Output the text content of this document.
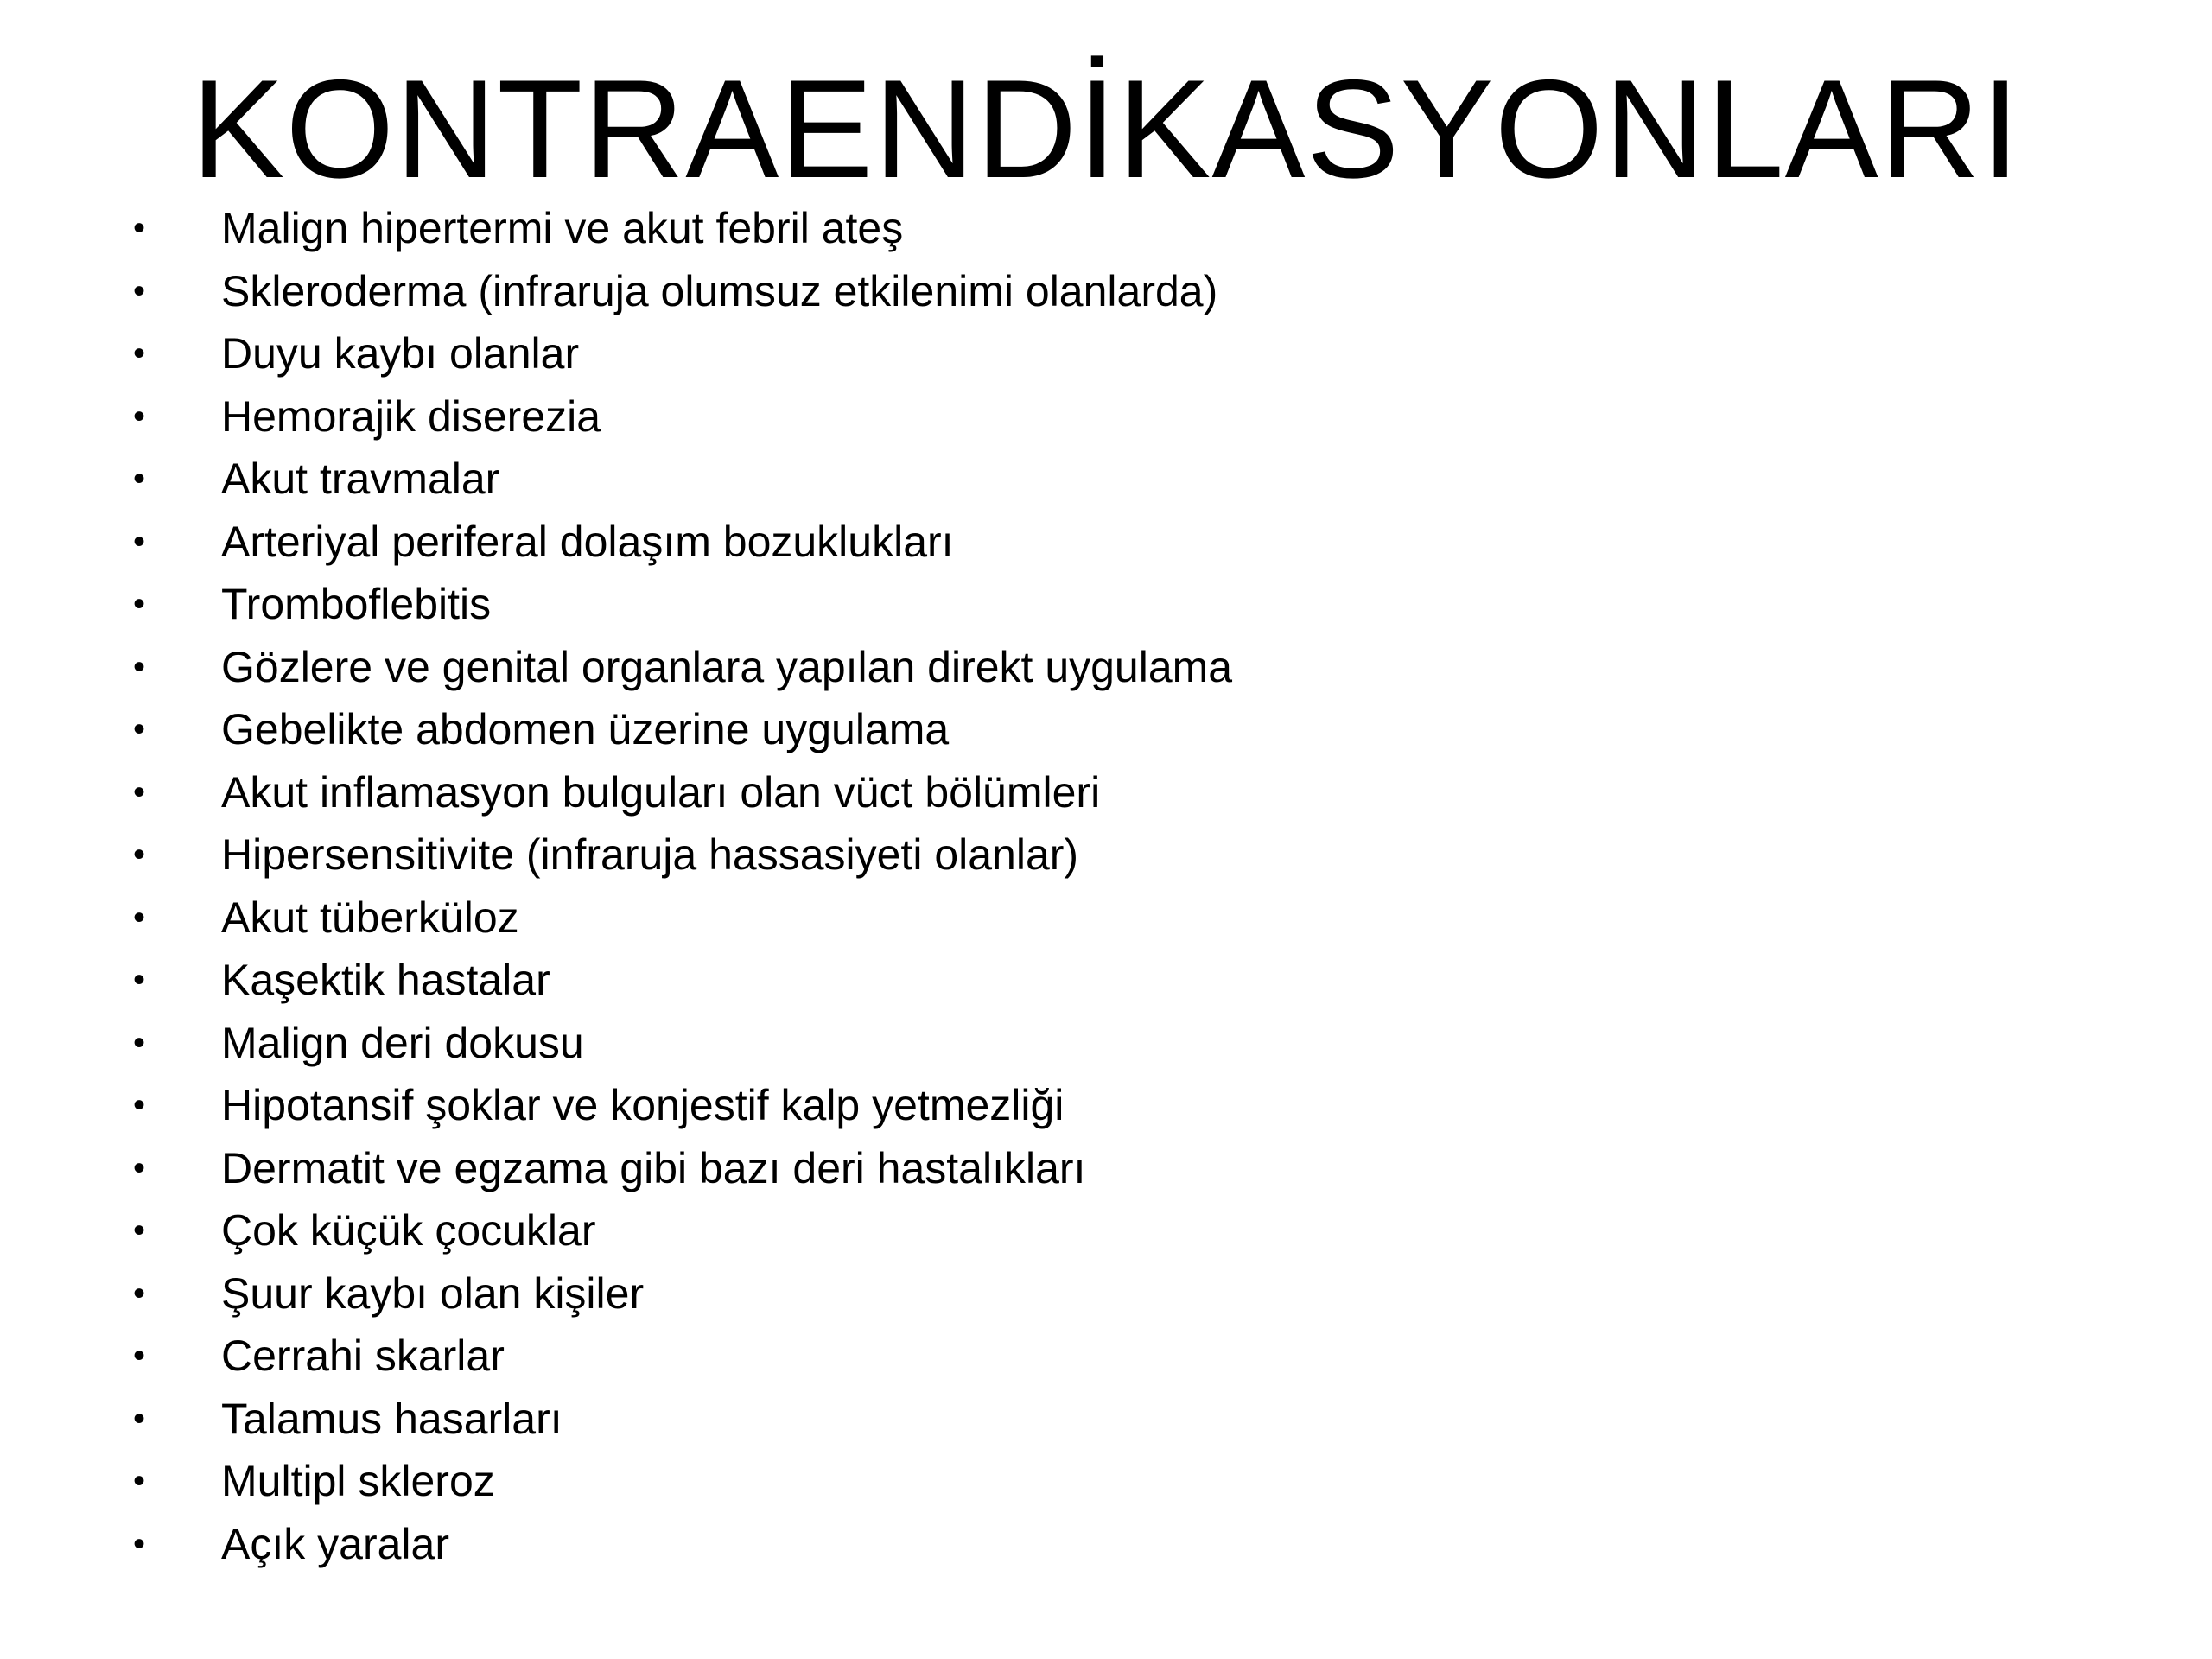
KONTRAENDİKASYONLARI
•	Malign hipertermi ve akut febril ateş
•	Skleroderma (infraruja olumsuz etkilenimi olanlarda)
•	Duyu kaybı olanlar
•	Hemorajik diserezia
•	Akut travmalar
•	Arteriyal periferal dolaşım bozuklukları
•	Tromboflebitis
•	Gözlere ve genital organlara yapılan direkt uygulama
•	Gebelikte abdomen üzerine uygulama
•	Akut inflamasyon bulguları olan vüct bölümleri
•	Hipersensitivite (infraruja hassasiyeti olanlar)
•	Akut tüberküloz
•	Kaşektik hastalar
•	Malign deri dokusu
•	Hipotansif şoklar ve konjestif kalp yetmezliği
•	Dermatit ve egzama gibi bazı deri hastalıkları
•	Çok küçük çocuklar
•	Şuur kaybı olan kişiler
•	Cerrahi skarlar
•	Talamus hasarları
•	Multipl skleroz
•	Açık yaralar
